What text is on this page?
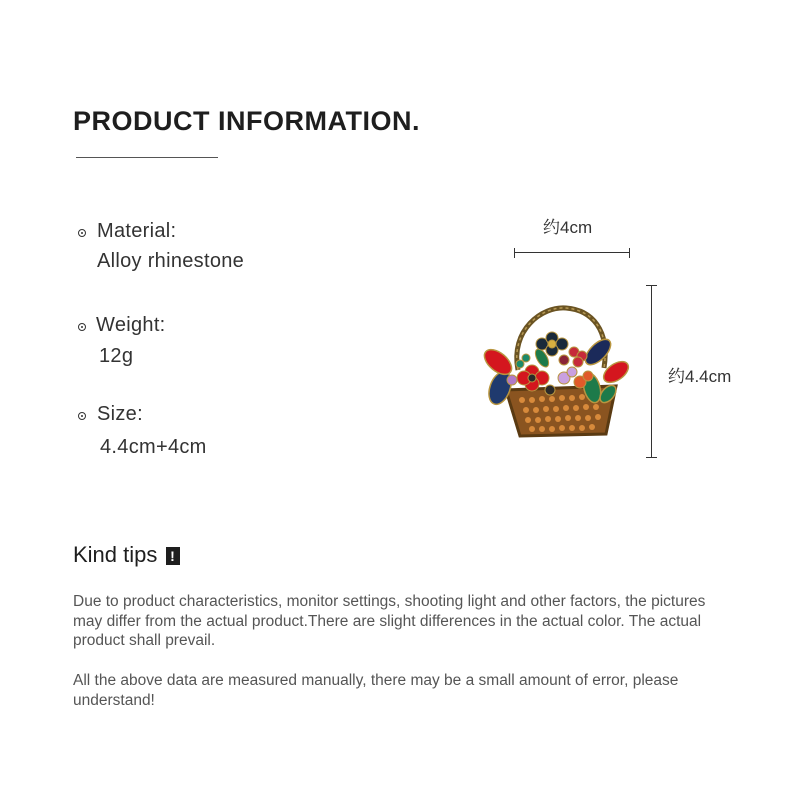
PRODUCT INFORMATION.
Material:
Alloy rhinestone
Weight:
12g
Size:
4.4cm+4cm
约4cm
约4.4cm
Kind tips !
Due to product characteristics, monitor settings, shooting light and other factors, the pictures may differ from the actual product.There are slight differences in the actual color. The actual product shall prevail.
All the above data are measured manually, there may be a small amount of error, please understand!
